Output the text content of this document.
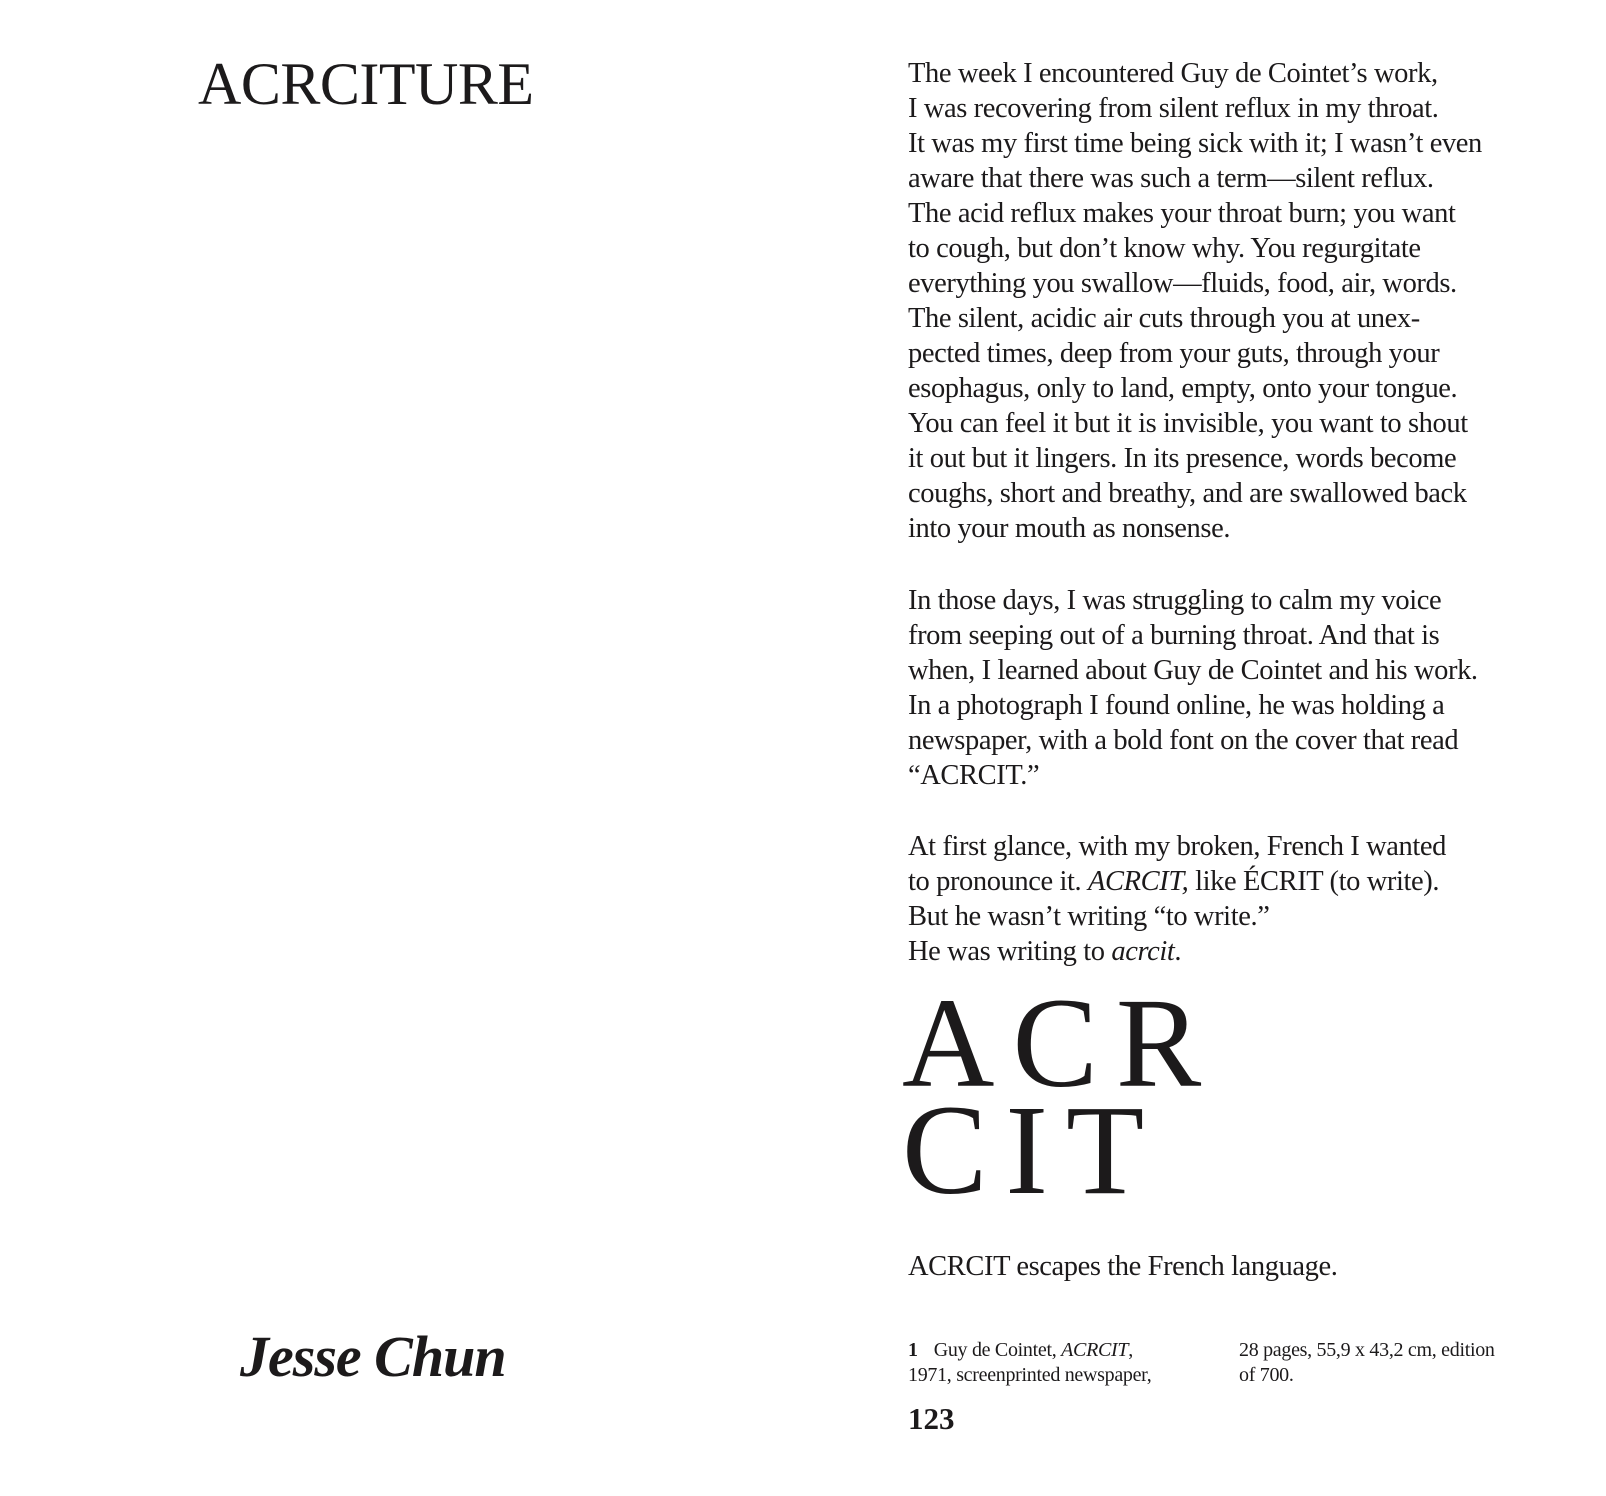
ACRCITURE
Jesse Chun

The week I encountered Guy de Cointet’s work,
I was recovering from silent reflux in my throat.
It was my first time being sick with it; I wasn’t even
aware that there was such a term—silent reflux.
The acid reflux makes your throat burn; you want
to cough, but don’t know why. You regurgitate
everything you swallow—fluids, food, air, words.
The silent, acidic air cuts through you at unex-
pected times, deep from your guts, through your
esophagus, only to land, empty, onto your tongue.
You can feel it but it is invisible, you want to shout
it out but it lingers. In its presence, words become
coughs, short and breathy, and are swallowed back
into your mouth as nonsense.

In those days, I was struggling to calm my voice
from seeping out of a burning throat. And that is
when, I learned about Guy de Cointet and his work.
In a photograph I found online, he was holding a
newspaper, with a bold font on the cover that read
“ACRCIT.”

At first glance, with my broken, French I wanted
to pronounce it. ACRCIT, like ÉCRIT (to write).
But he wasn’t writing “to write.”
He was writing to acrcit.

ACR
CIT

ACRCIT escapes the French language.

1 Guy de Cointet, ACRCIT,
1971, screenprinted newspaper,
28 pages, 55,9 x 43,2 cm, edition
of 700.

123
